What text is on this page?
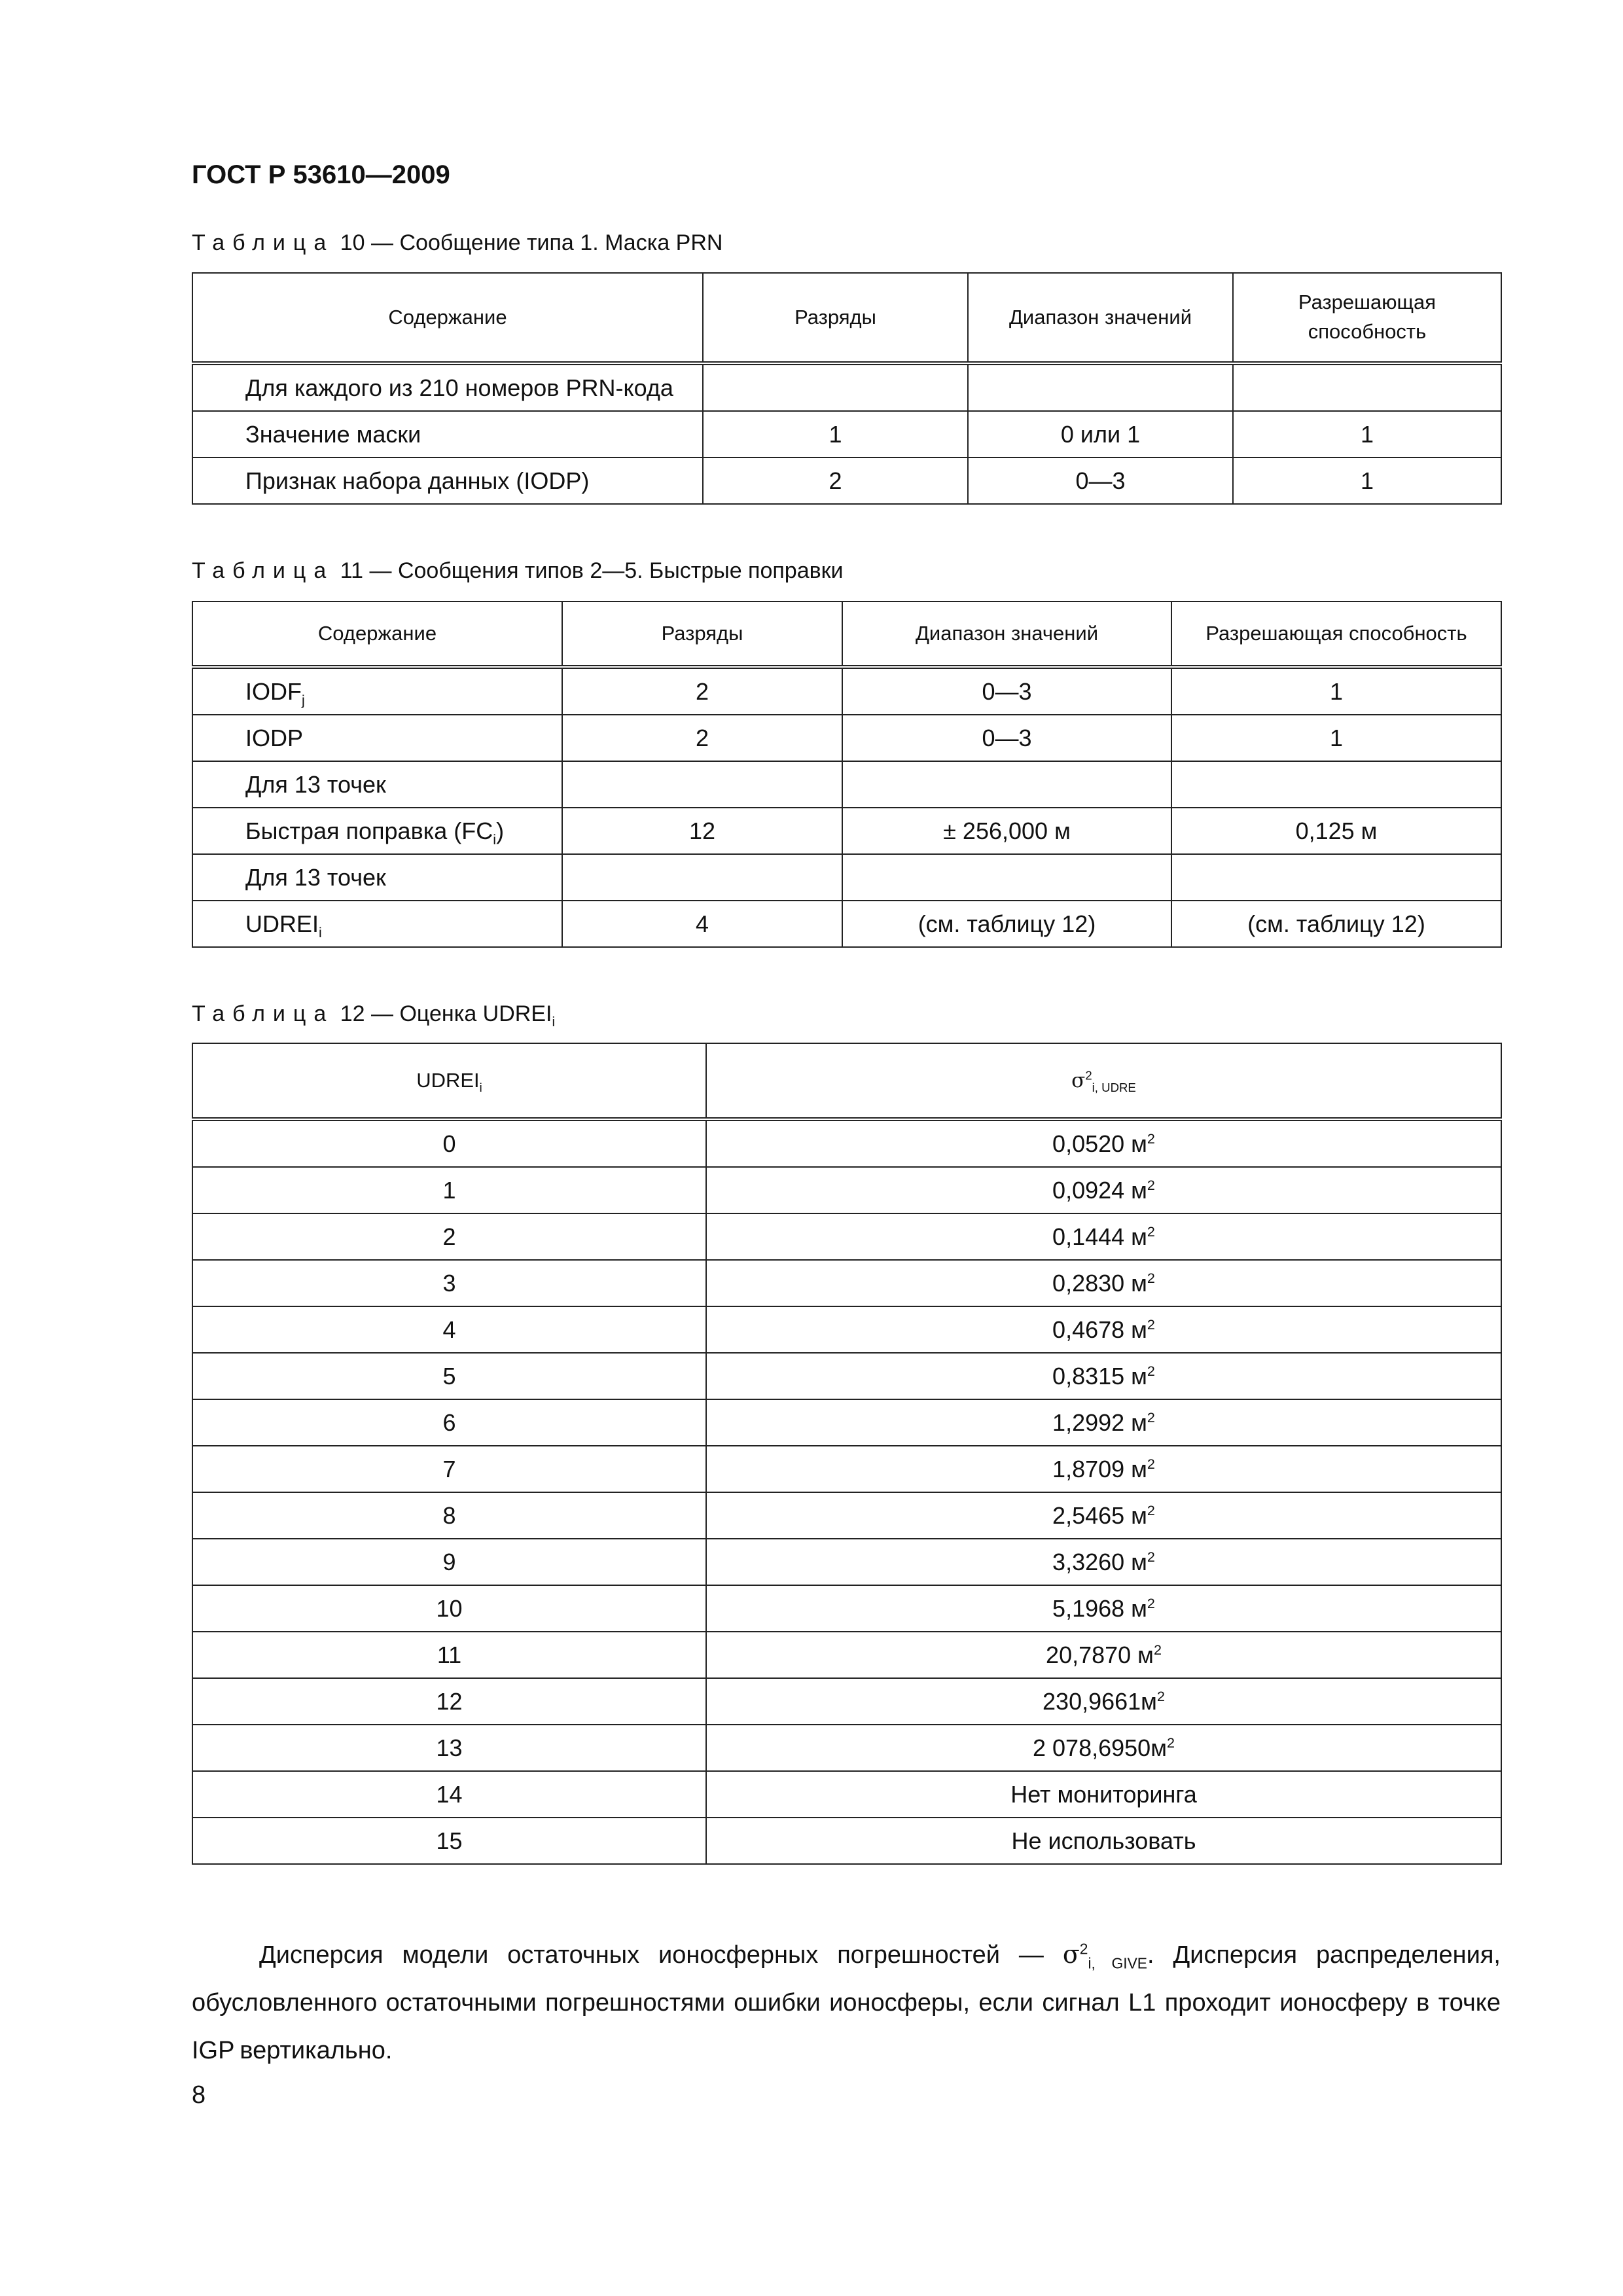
ГОСТ Р 53610—2009
Таблица 10 — Сообщение типа 1. Маска PRN
Содержание	Разряды	Диапазон значений	Разрешающая способность
Для каждого из 210 номеров PRN-кода			
Значение маски	1	0 или 1	1
Признак набора данных (IODP)	2	0—3	1
Таблица 11 — Сообщения типов 2—5. Быстрые поправки
Содержание	Разряды	Диапазон значений	Разрешающая способность
$IODF_j$	2	0—3	1
IODP	2	0—3	1
Для 13 точек			
Быстрая поправка $(FC_i)$	12	± 256,000 м	0,125 м
Для 13 точек			
$UDREI_i$	4	(см. таблицу 12)	(см. таблицу 12)
Таблица 12 — Оценка $UDREI_i$
$UDREI_i$	$\sigma^2_{i, UDRE}$
0	0,0520 $м^2$
1	0,0924 $м^2$
2	0,1444 $м^2$
3	0,2830 $м^2$
4	0,4678 $м^2$
5	0,8315 $м^2$
6	1,2992 $м^2$
7	1,8709 $м^2$
8	2,5465 $м^2$
9	3,3260 $м^2$
10	5,1968 $м^2$
11	20,7870 $м^2$
12	$230,9661м^2$
13	2 $078,6950м^2$
14	Нет мониторинга
15	Не использовать

Дисперсия модели остаточных ионосферных погрешностей — $\sigma^2_{i, GIVE}$. Дисперсия распределения, обусловленного остаточными погрешностями ошибки ионосферы, если сигнал L1 проходит ионосферу в точке IGP вертикально.

8
